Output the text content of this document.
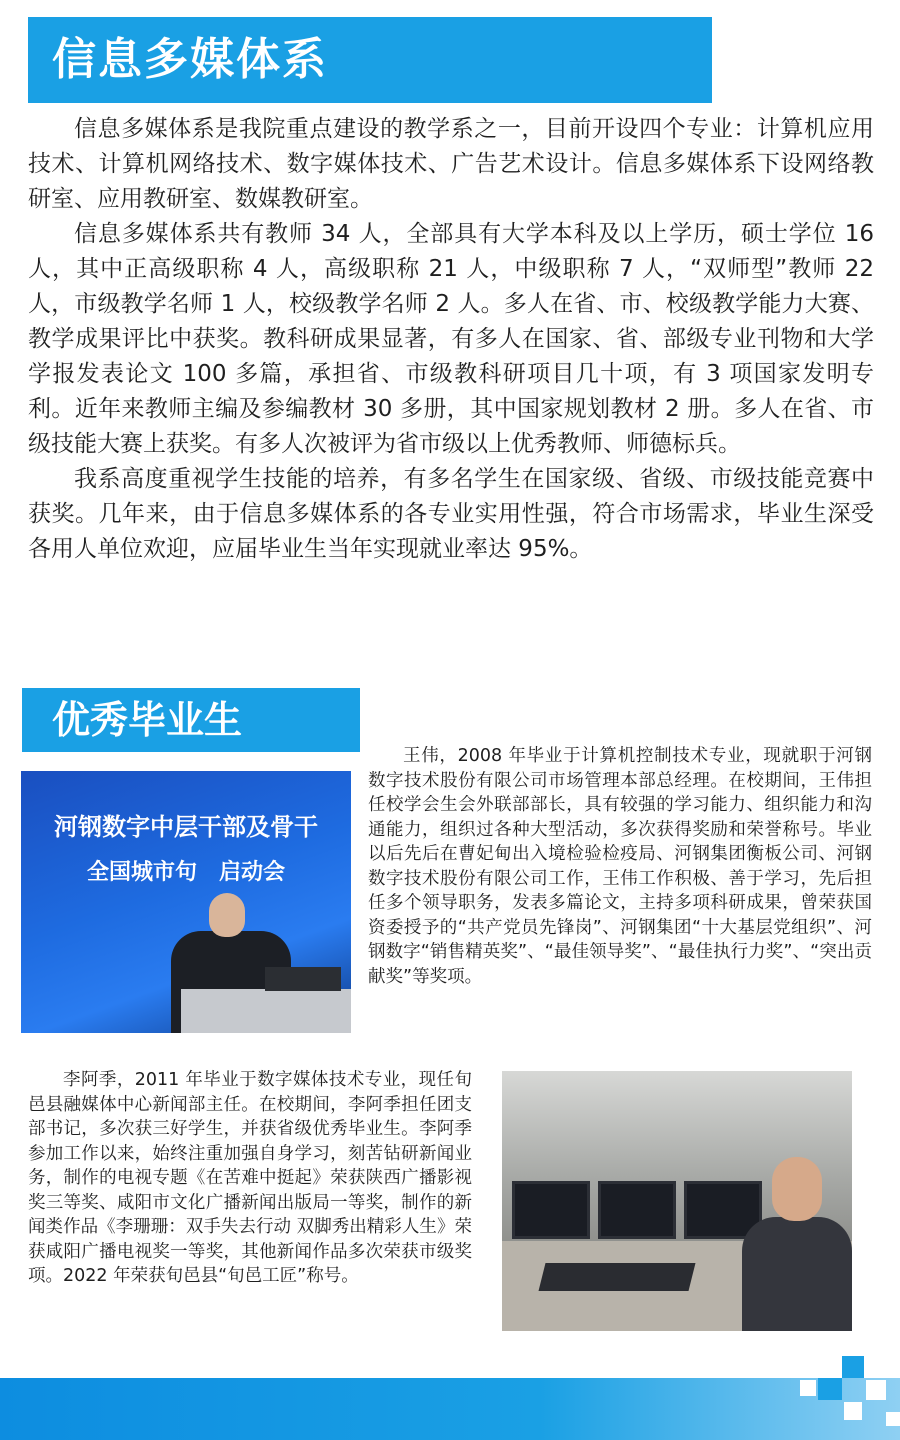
信息多媒体系

信息多媒体系是我院重点建设的教学系之一，目前开设四个专业：计算机应用技术、计算机网络技术、数字媒体技术、广告艺术设计。信息多媒体系下设网络教研室、应用教研室、数媒教研室。

信息多媒体系共有教师 34 人，全部具有大学本科及以上学历，硕士学位 16 人，其中正高级职称 4 人，高级职称 21 人，中级职称 7 人，“双师型”教师 22 人，市级教学名师 1 人，校级教学名师 2 人。多人在省、市、校级教学能力大赛、教学成果评比中获奖。教科研成果显著，有多人在国家、省、部级专业刊物和大学学报发表论文 100 多篇，承担省、市级教科研项目几十项，有 3 项国家发明专利。近年来教师主编及参编教材 30 多册，其中国家规划教材 2 册。多人在省、市级技能大赛上获奖。有多人次被评为省市级以上优秀教师、师德标兵。

我系高度重视学生技能的培养，有多名学生在国家级、省级、市级技能竞赛中获奖。几年来，由于信息多媒体系的各专业实用性强，符合市场需求，毕业生深受各用人单位欢迎，应届毕业生当年实现就业率达 95%。

优秀毕业生
河钢数字中层干部及骨干
全国城市句　启动会

王伟，2008 年毕业于计算机控制技术专业，现就职于河钢数字技术股份有限公司市场管理本部总经理。在校期间，王伟担任校学会生会外联部部长，具有较强的学习能力、组织能力和沟通能力，组织过各种大型活动，多次获得奖励和荣誉称号。毕业以后先后在曹妃甸出入境检验检疫局、河钢集团衡板公司、河钢数字技术股份有限公司工作，王伟工作积极、善于学习，先后担任多个领导职务，发表多篇论文，主持多项科研成果，曾荣获国资委授予的“共产党员先锋岗”、河钢集团“十大基层党组织”、河钢数字“销售精英奖”、“最佳领导奖”、“最佳执行力奖”、“突出贡献奖”等奖项。

李阿季，2011 年毕业于数字媒体技术专业，现任旬邑县融媒体中心新闻部主任。在校期间，李阿季担任团支部书记，多次获三好学生，并获省级优秀毕业生。李阿季参加工作以来，始终注重加强自身学习，刻苦钻研新闻业务，制作的电视专题《在苦难中挺起》荣获陕西广播影视奖三等奖、咸阳市文化广播新闻出版局一等奖，制作的新闻类作品《李珊珊：双手失去行动 双脚秀出精彩人生》荣获咸阳广播电视奖一等奖，其他新闻作品多次荣获市级奖项。2022 年荣获旬邑县“旬邑工匠”称号。
